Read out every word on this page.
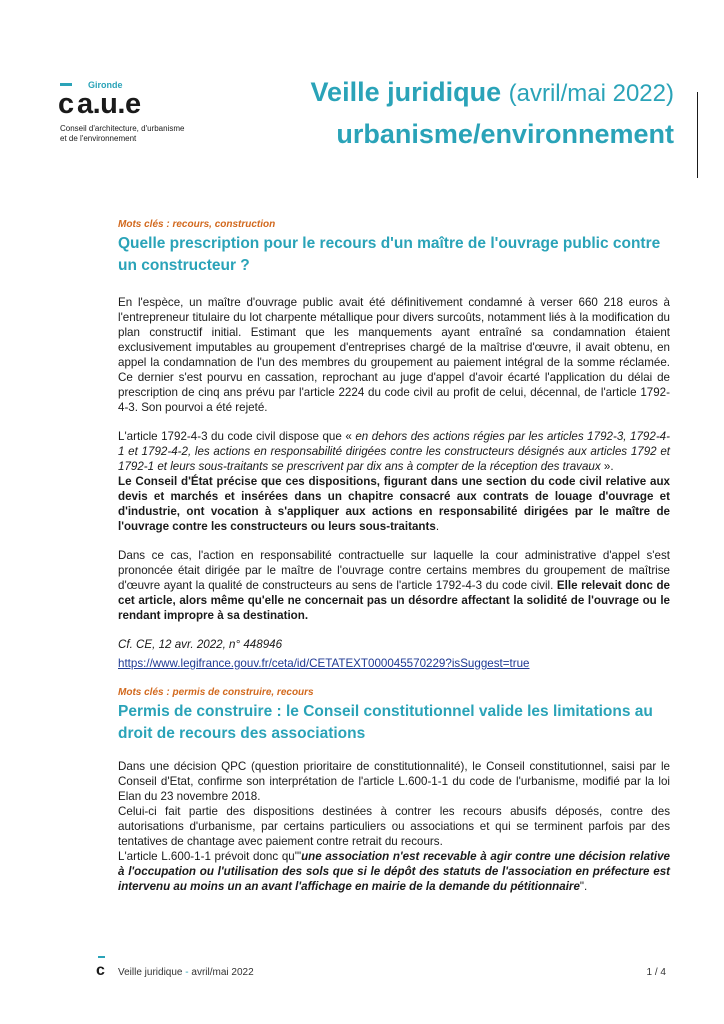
Gironde
c a.u.e
Conseil d'architecture, d'urbanisme
et de l'environnement
Veille juridique (avril/mai 2022)
urbanisme/environnement
Mots clés : recours, construction
Quelle prescription pour le recours d'un maître de l'ouvrage public contre un constructeur ?

En l'espèce, un maître d'ouvrage public avait été définitivement condamné à verser 660 218 euros à l'entrepreneur titulaire du lot charpente métallique pour divers surcoûts, notamment liés à la modification du plan constructif initial. Estimant que les manquements ayant entraîné sa condamnation étaient exclusivement imputables au groupement d'entreprises chargé de la maîtrise d'œuvre, il avait obtenu, en appel la condamnation de l'un des membres du groupement au paiement intégral de la somme réclamée. Ce dernier s'est pourvu en cassation, reprochant au juge d'appel d'avoir écarté l'application du délai de prescription de cinq ans prévu par l'article 2224 du code civil au profit de celui, décennal, de l'article 1792-4-3. Son pourvoi a été rejeté.

L'article 1792-4-3 du code civil dispose que « en dehors des actions régies par les articles 1792-3, 1792-4-1 et 1792-4-2, les actions en responsabilité dirigées contre les constructeurs désignés aux articles 1792 et 1792-1 et leurs sous-traitants se prescrivent par dix ans à compter de la réception des travaux ».
Le Conseil d'État précise que ces dispositions, figurant dans une section du code civil relative aux devis et marchés et insérées dans un chapitre consacré aux contrats de louage d'ouvrage et d'industrie, ont vocation à s'appliquer aux actions en responsabilité dirigées par le maître de l'ouvrage contre les constructeurs ou leurs sous-traitants.

Dans ce cas, l'action en responsabilité contractuelle sur laquelle la cour administrative d'appel s'est prononcée était dirigée par le maître de l'ouvrage contre certains membres du groupement de maîtrise d'œuvre ayant la qualité de constructeurs au sens de l'article 1792-4-3 du code civil. Elle relevait donc de cet article, alors même qu'elle ne concernait pas un désordre affectant la solidité de l'ouvrage ou le rendant impropre à sa destination.

Cf. CE, 12 avr. 2022, n° 448946

https://www.legifrance.gouv.fr/ceta/id/CETATEXT000045570229?isSuggest=true
Mots clés : permis de construire, recours
Permis de construire : le Conseil constitutionnel valide les limitations au droit de recours des associations

Dans une décision QPC (question prioritaire de constitutionnalité), le Conseil constitutionnel, saisi par le Conseil d'Etat, confirme son interprétation de l'article L.600-1-1 du code de l'urbanisme, modifié par la loi Elan du 23 novembre 2018.

Celui-ci fait partie des dispositions destinées à contrer les recours abusifs déposés, contre des autorisations d'urbanisme, par certains particuliers ou associations et qui se terminent parfois par des tentatives de chantage avec paiement contre retrait du recours.

L'article L.600-1-1 prévoit donc qu'"une association n'est recevable à agir contre une décision relative à l'occupation ou l'utilisation des sols que si le dépôt des statuts de l'association en préfecture est intervenu au moins un an avant l'affichage en mairie de la demande du pétitionnaire".

c Veille juridique - avril/mai 2022	1 / 4
